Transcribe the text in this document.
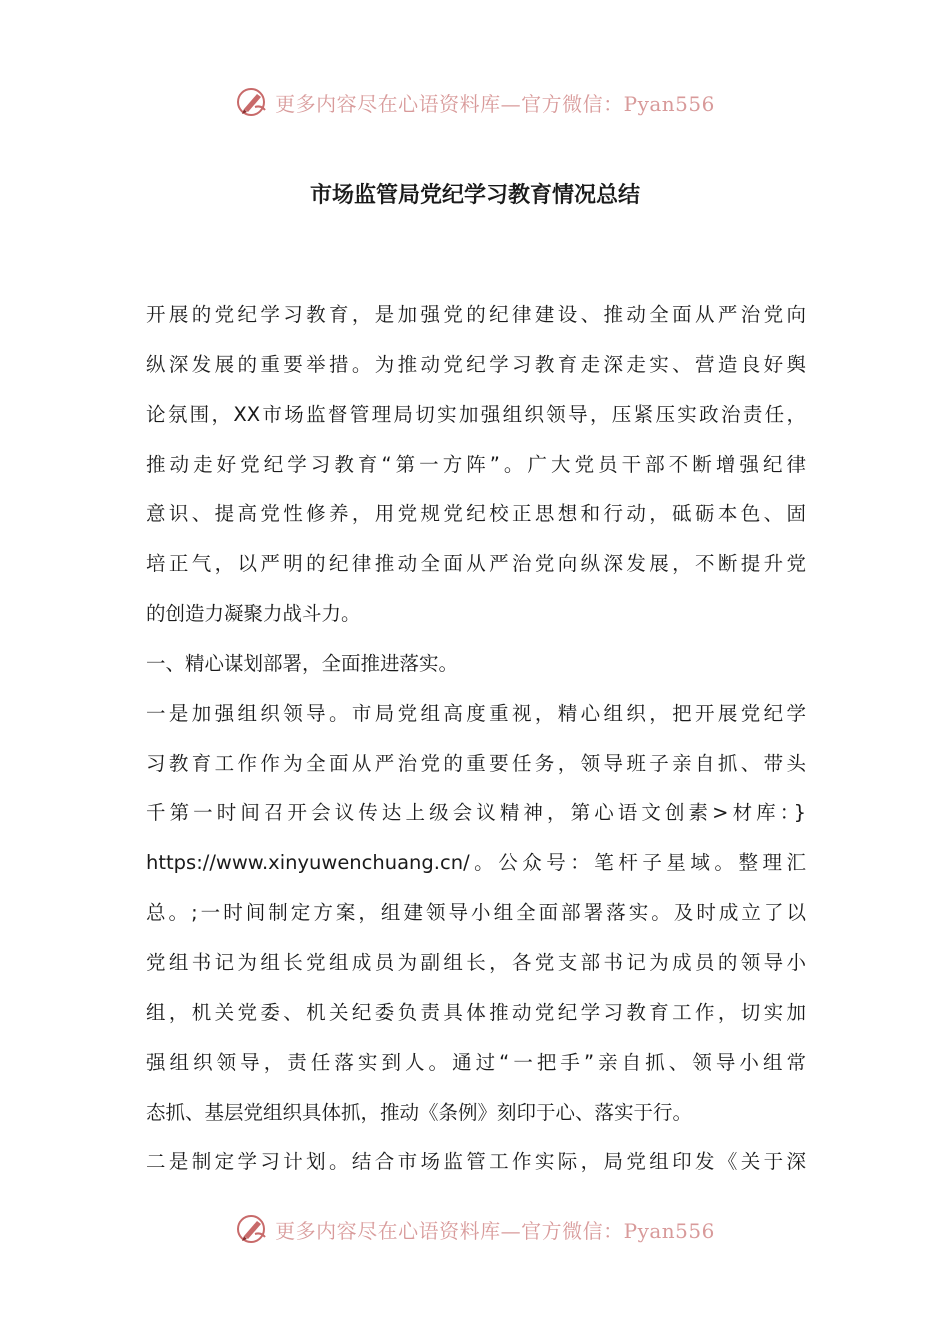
更多内容尽在心语资料库—官方微信：Pyan556
市场监管局党纪学习教育情况总结
开展的党纪学习教育，是加强党的纪律建设、推动全面从严治党向
纵深发展的重要举措。为推动党纪学习教育走深走实、营造良好舆
论氛围，XX市场监督管理局切实加强组织领导，压紧压实政治责任，
推动走好党纪学习教育“第一方阵”。广大党员干部不断增强纪律
意识、提高党性修养，用党规党纪校正思想和行动，砥砺本色、固
培正气，以严明的纪律推动全面从严治党向纵深发展，不断提升党
的创造力凝聚力战斗力。
一、精心谋划部署，全面推进落实。
一是加强组织领导。市局党组高度重视，精心组织，把开展党纪学
习教育工作作为全面从严治党的重要任务，领导班子亲自抓、带头
千第一时间召开会议传达上级会议精神，第心语文创素>材库：}
https://www.xinyuwenchuang.cn/。公众号：笔杆子星域。整理汇
总。;一时间制定方案，组建领导小组全面部署落实。及时成立了以
党组书记为组长党组成员为副组长，各党支部书记为成员的领导小
组，机关党委、机关纪委负责具体推动党纪学习教育工作，切实加
强组织领导，责任落实到人。通过“一把手”亲自抓、领导小组常
态抓、基层党组织具体抓，推动《条例》刻印于心、落实于行。
二是制定学习计划。结合市场监管工作实际，局党组印发《关于深
更多内容尽在心语资料库—官方微信：Pyan556
